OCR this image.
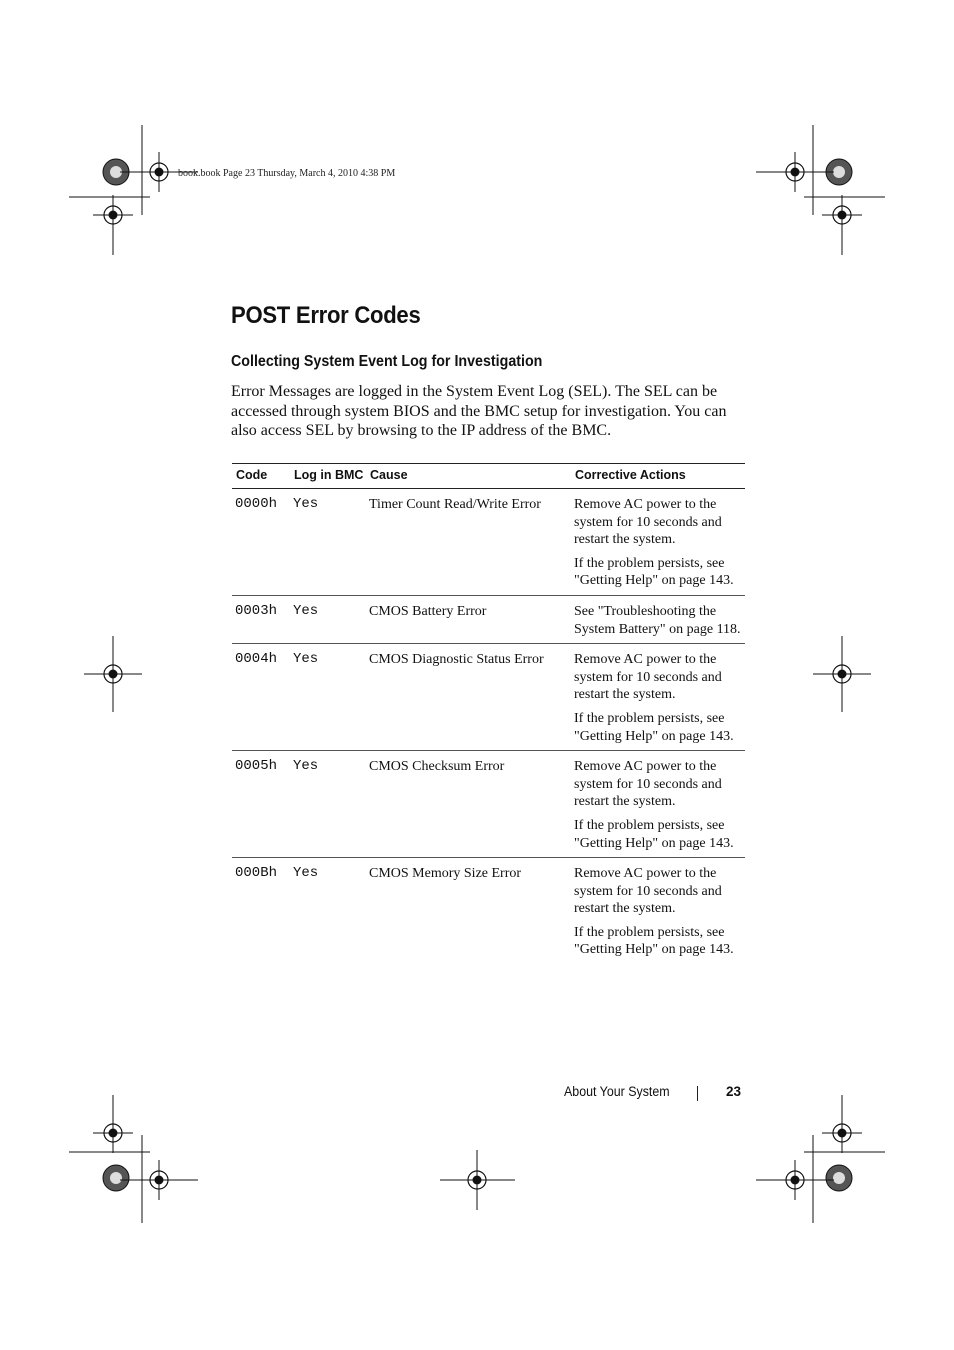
book.book Page 23 Thursday, March 4, 2010 4:38 PM
POST Error Codes
Collecting System Event Log for Investigation

Error Messages are logged in the System Event Log (SEL). The SEL can be accessed through system BIOS and the BMC setup for investigation. You can also access SEL by browsing to the IP address of the BMC.

Code	Log in BMC	Cause	Corrective Actions
0000h	Yes	Timer Count Read/Write Error	Remove AC power to the system for 10 seconds and restart the system.

If the problem persists, see "Getting Help" on page 143.

0003h	Yes	CMOS Battery Error	See "Troubleshooting the System Battery" on page 118.

0004h	Yes	CMOS Diagnostic Status Error	Remove AC power to the system for 10 seconds and restart the system.

If the problem persists, see "Getting Help" on page 143.

0005h	Yes	CMOS Checksum Error	Remove AC power to the system for 10 seconds and restart the system.

If the problem persists, see "Getting Help" on page 143.

000Bh	Yes	CMOS Memory Size Error	Remove AC power to the system for 10 seconds and restart the system.

If the problem persists, see "Getting Help" on page 143.

About Your System	23
